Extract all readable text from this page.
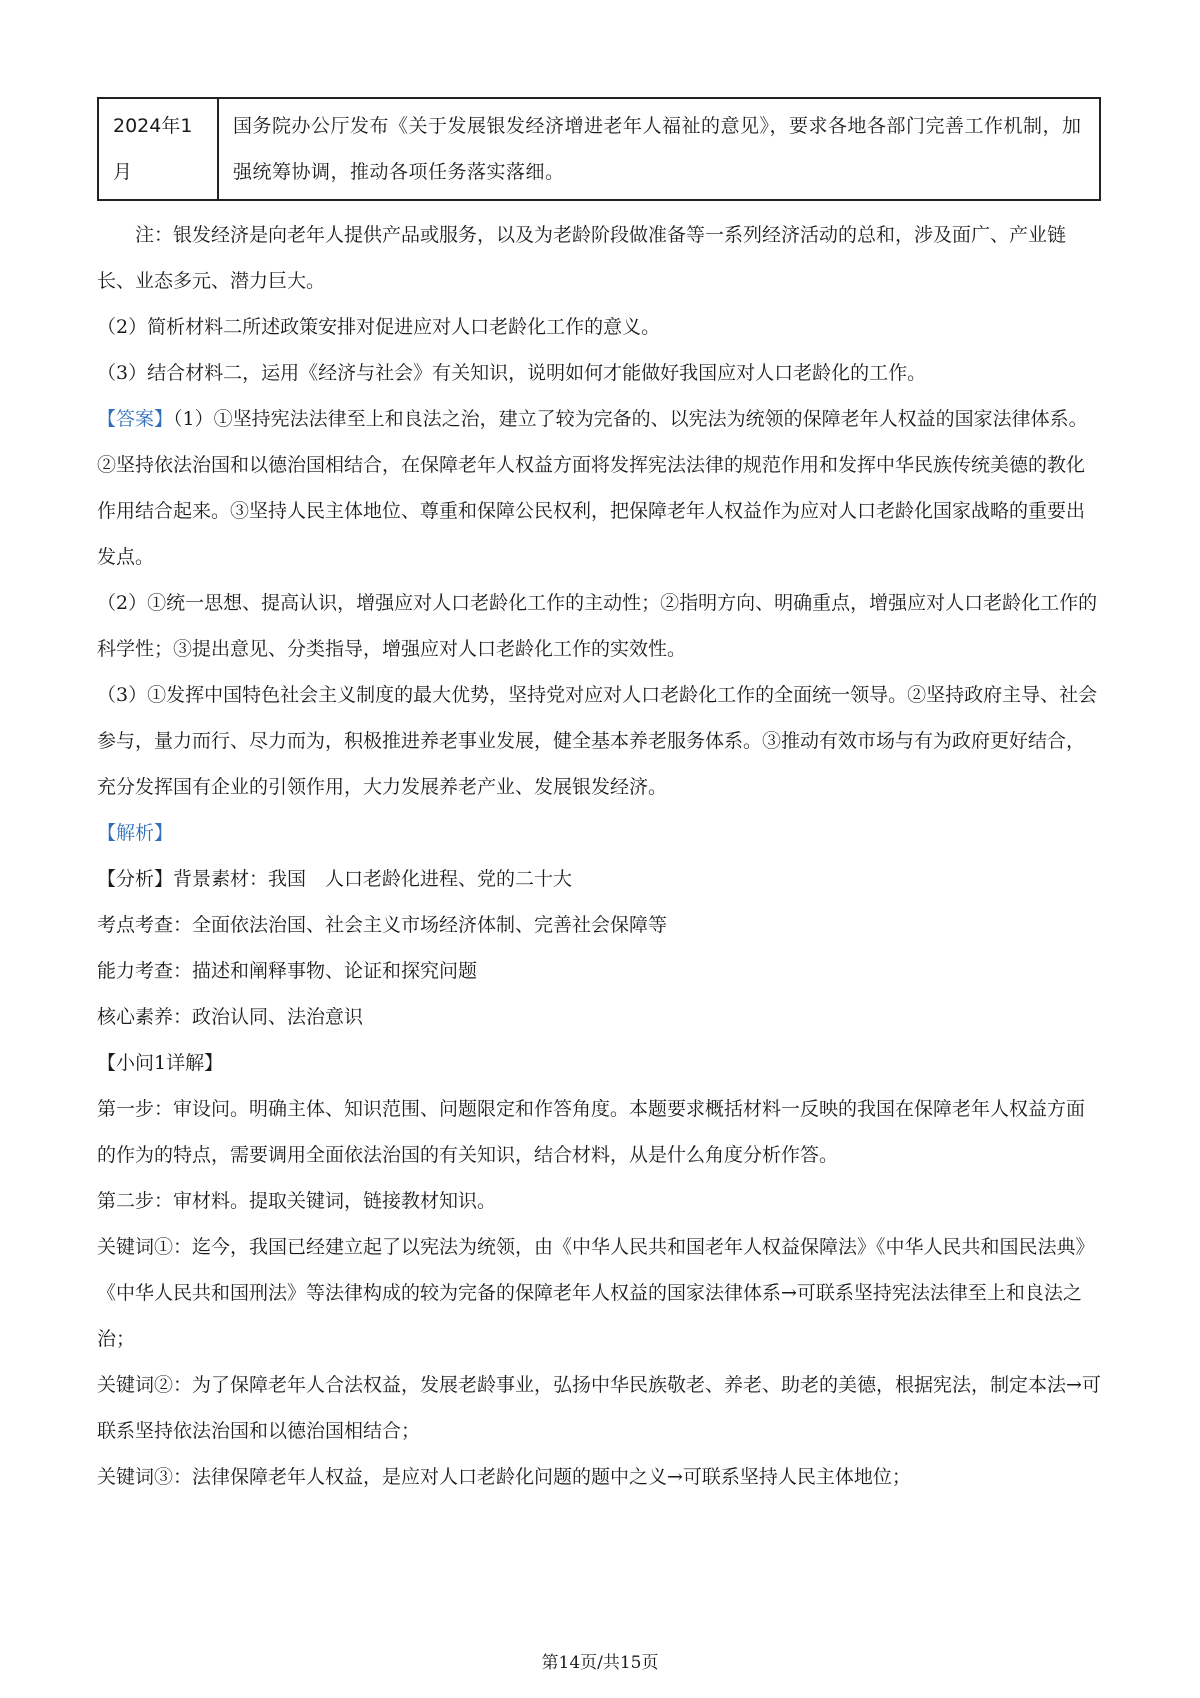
2024年1月	国务院办公厅发布《关于发展银发经济增进老年人福祉的意见》，要求各地各部门完善工作机制，加强统筹协调，推动各项任务落实落细。

注：银发经济是向老年人提供产品或服务，以及为老龄阶段做准备等一系列经济活动的总和，涉及面广、产业链长、业态多元、潜力巨大。

（2）简析材料二所述政策安排对促进应对人口老龄化工作的意义。

（3）结合材料二，运用《经济与社会》有关知识，说明如何才能做好我国应对人口老龄化的工作。

【答案】（1）①坚持宪法法律至上和良法之治，建立了较为完备的、以宪法为统领的保障老年人权益的国家法律体系。②坚持依法治国和以德治国相结合，在保障老年人权益方面将发挥宪法法律的规范作用和发挥中华民族传统美德的教化作用结合起来。③坚持人民主体地位、尊重和保障公民权利，把保障老年人权益作为应对人口老龄化国家战略的重要出发点。

（2）①统一思想、提高认识，增强应对人口老龄化工作的主动性；②指明方向、明确重点，增强应对人口老龄化工作的科学性；③提出意见、分类指导，增强应对人口老龄化工作的实效性。

（3）①发挥中国特色社会主义制度的最大优势，坚持党对应对人口老龄化工作的全面统一领导。②坚持政府主导、社会参与，量力而行、尽力而为，积极推进养老事业发展，健全基本养老服务体系。③推动有效市场与有为政府更好结合，充分发挥国有企业的引领作用，大力发展养老产业、发展银发经济。

【解析】

【分析】背景素材：我国　人口老龄化进程、党的二十大

考点考查：全面依法治国、社会主义市场经济体制、完善社会保障等

能力考查：描述和阐释事物、论证和探究问题

核心素养：政治认同、法治意识

【小问1详解】

第一步：审设问。明确主体、知识范围、问题限定和作答角度。本题要求概括材料一反映的我国在保障老年人权益方面的作为的特点，需要调用全面依法治国的有关知识，结合材料，从是什么角度分析作答。

第二步：审材料。提取关键词，链接教材知识。

关键词①：迄今，我国已经建立起了以宪法为统领，由《中华人民共和国老年人权益保障法》《中华人民共和国民法典》《中华人民共和国刑法》等法律构成的较为完备的保障老年人权益的国家法律体系→可联系坚持宪法法律至上和良法之治；

关键词②：为了保障老年人合法权益，发展老龄事业，弘扬中华民族敬老、养老、助老的美德，根据宪法，制定本法→可联系坚持依法治国和以德治国相结合；

关键词③：法律保障老年人权益，是应对人口老龄化问题的题中之义→可联系坚持人民主体地位；

第14页/共15页
